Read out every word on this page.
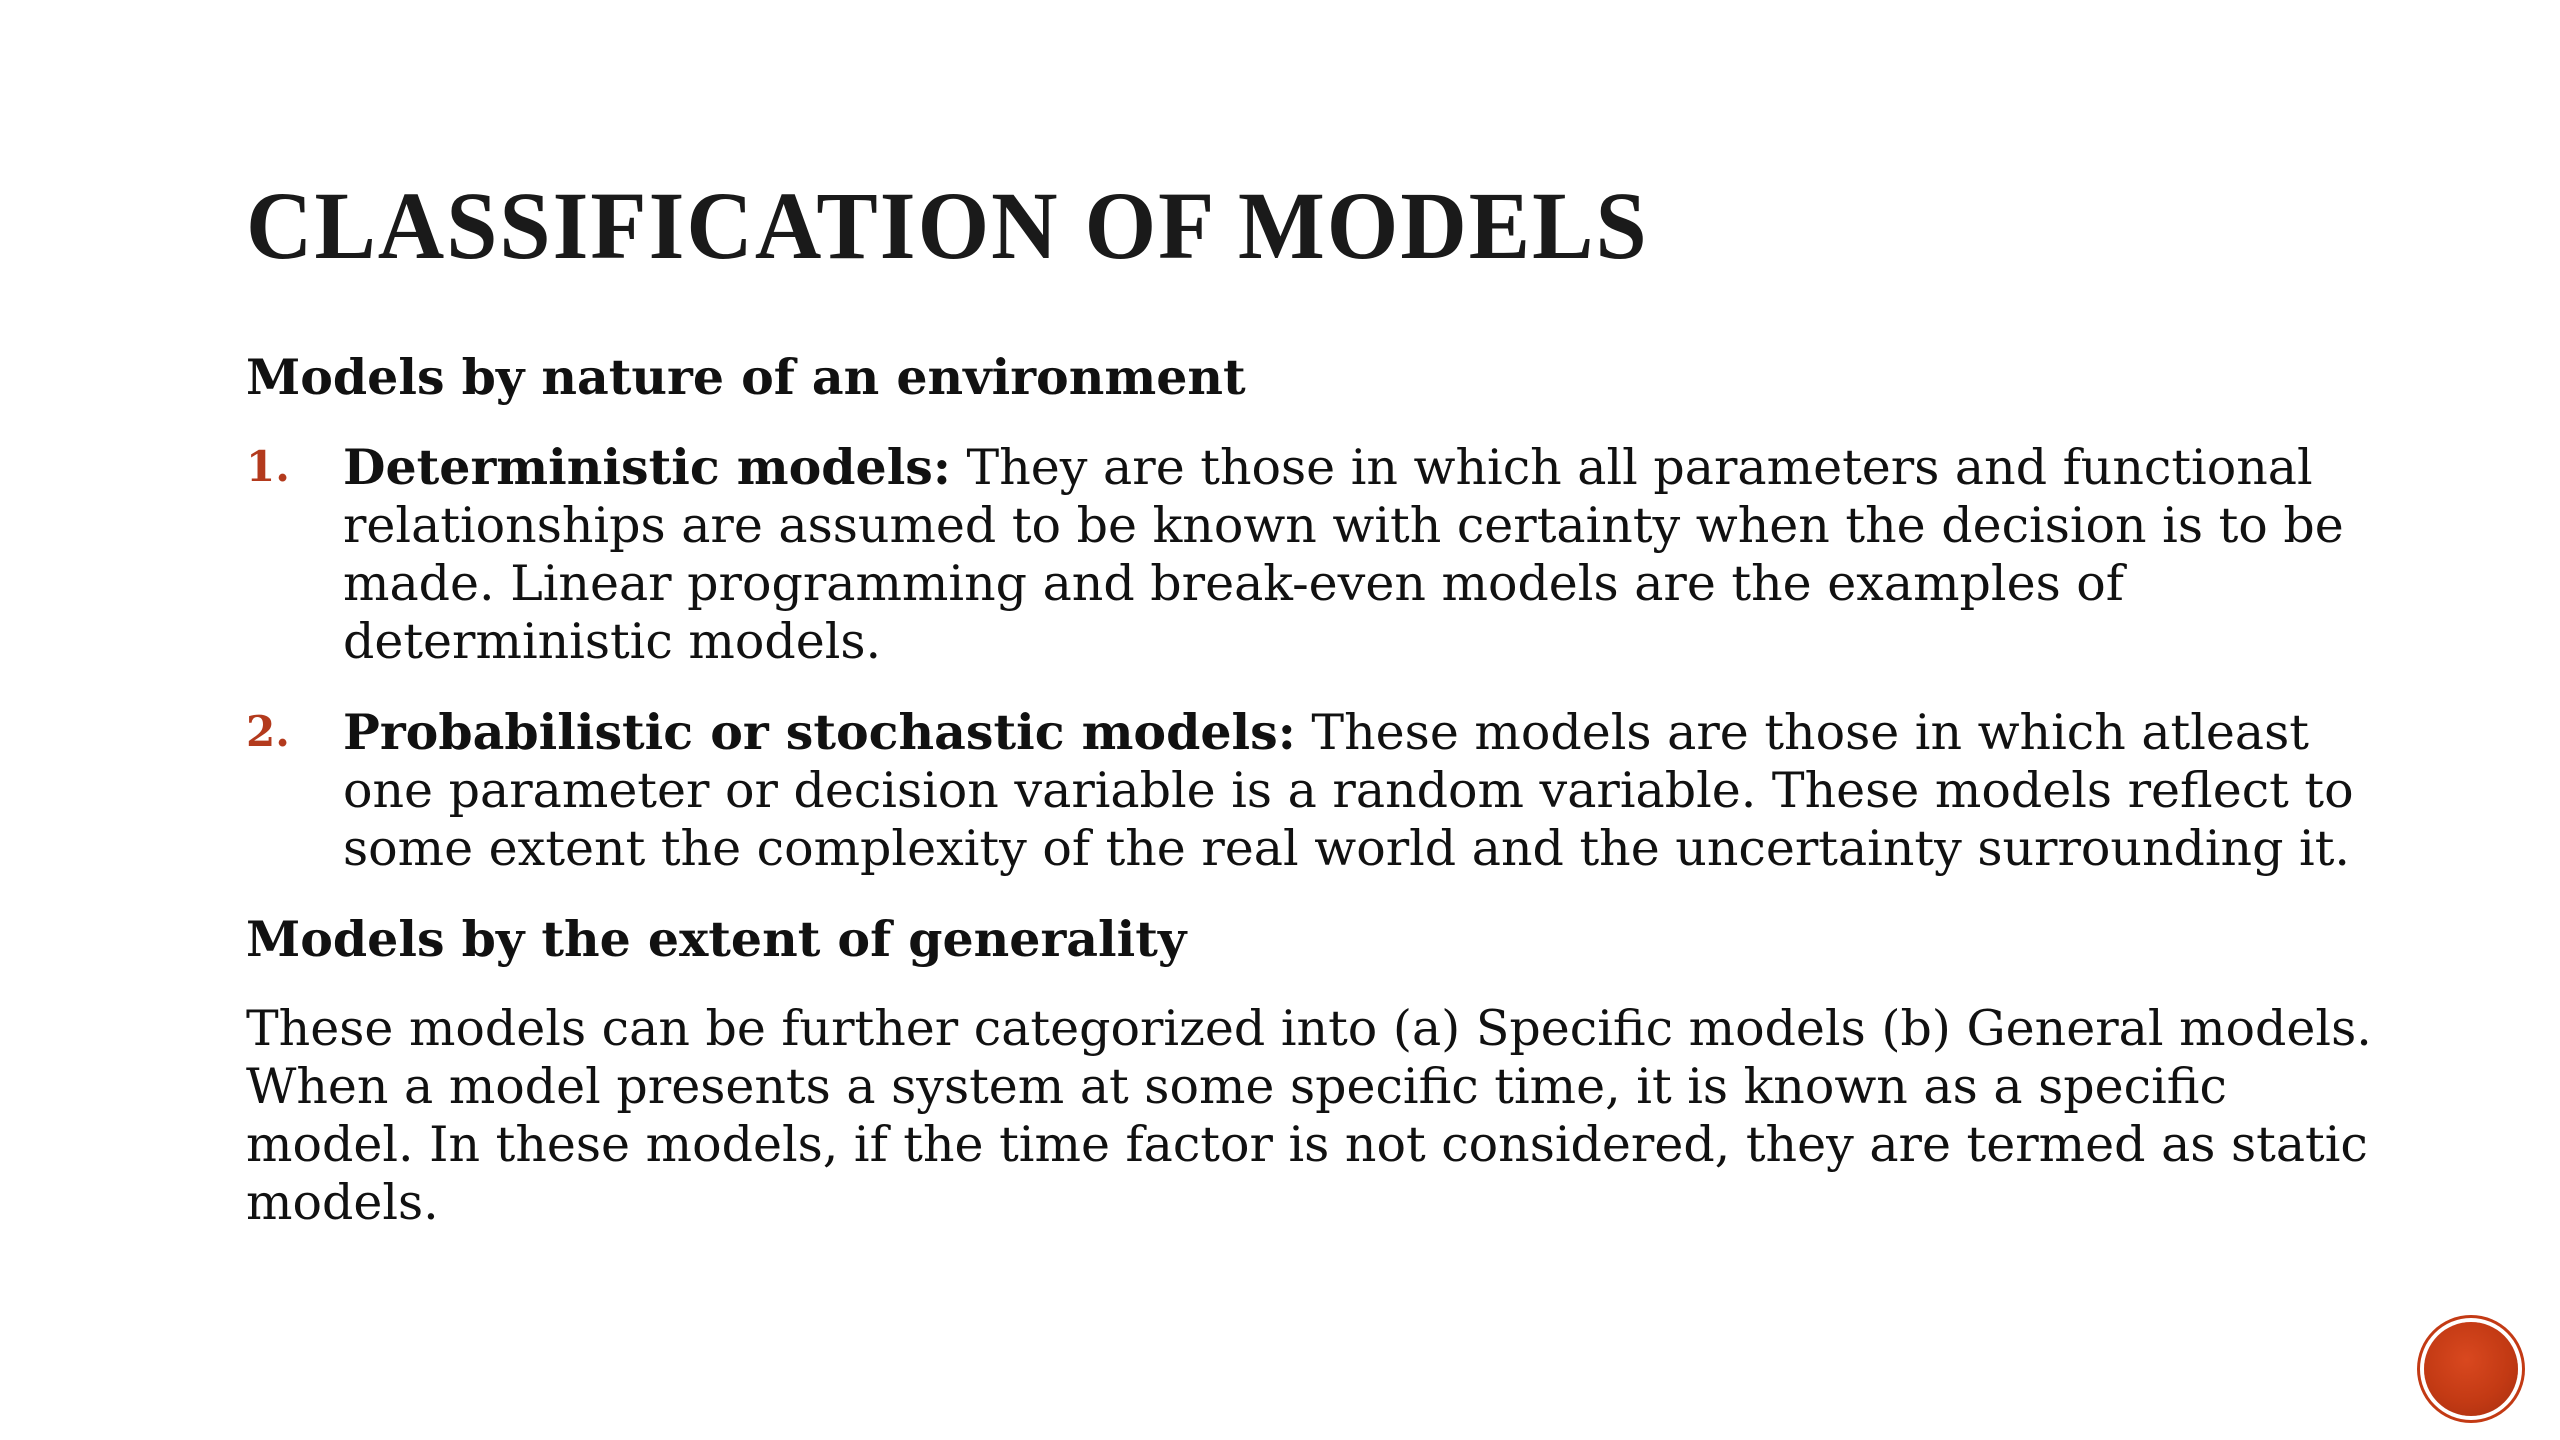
CLASSIFICATION OF MODELS
Models by nature of an environment
1. Deterministic models: They are those in which all parameters and functional relationships are assumed to be known with certainty when the decision is to be made. Linear programming and break-even models are the examples of deterministic models.
2. Probabilistic or stochastic models: These models are those in which atleast one parameter or decision variable is a random variable. These models reflect to some extent the complexity of the real world and the uncertainty surrounding it.
Models by the extent of generality

These models can be further categorized into (a) Specific models (b) General models. When a model presents a system at some specific time, it is known as a specific model. In these models, if the time factor is not considered, they are termed as static models.
